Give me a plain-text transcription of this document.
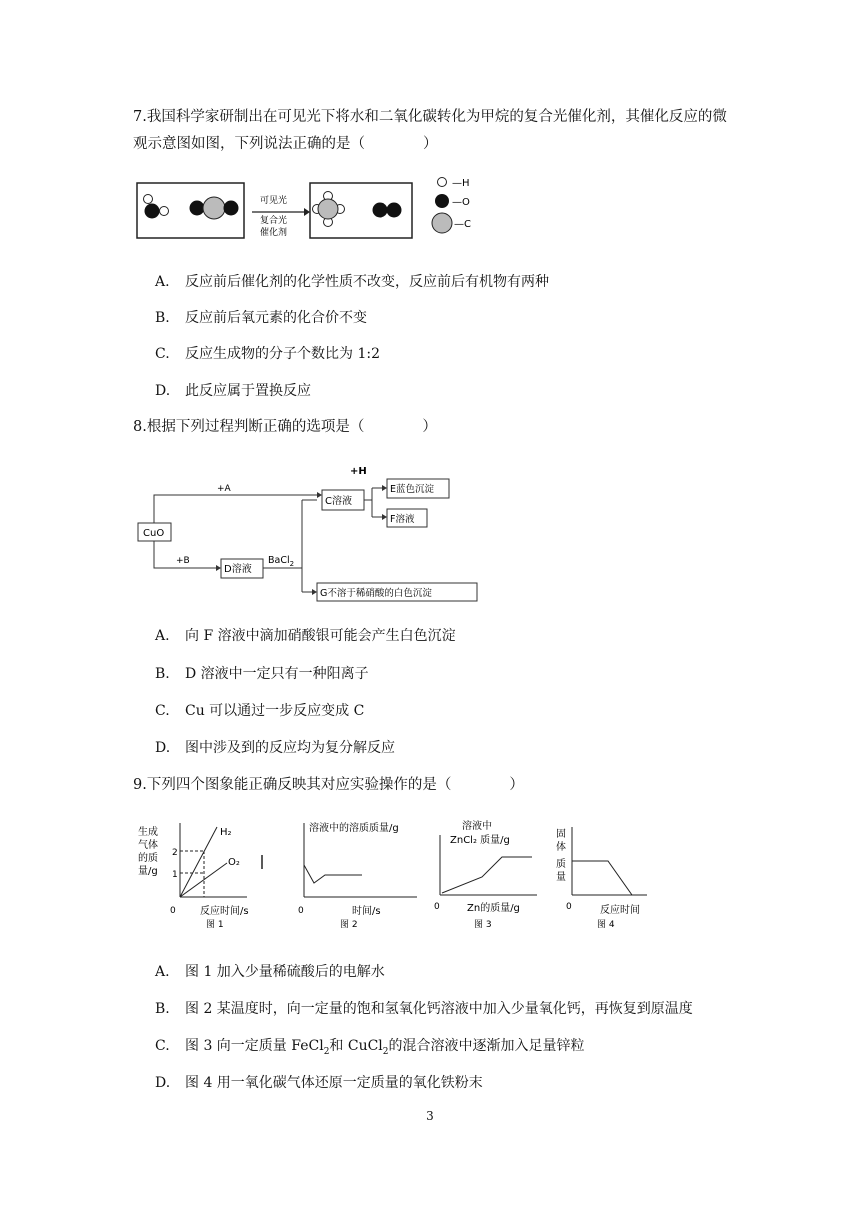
7.我国科学家研制出在可见光下将水和二氧化碳转化为甲烷的复合光催化剂，其催化反应的微观示意图如图，下列说法正确的是（　　　　）
可见光
复合光
催化剂
—H
—O
—C
A. 反应前后催化剂的化学性质不改变，反应前后有机物有两种
B. 反应前后氧元素的化合价不变
C. 反应生成物的分子个数比为 1:2
D. 此反应属于置换反应
8.根据下列过程判断正确的选项是（　　　　）
CuO
+A
C溶液
+H
E蓝色沉淀
F溶液
+B
D溶液
BaCl$_2$
G不溶于稀硝酸的白色沉淀
A. 向 F 溶液中滴加硝酸银可能会产生白色沉淀
B. D 溶液中一定只有一种阳离子
C. Cu 可以通过一步反应变成 C
D. 图中涉及到的反应均为复分解反应
9.下列四个图象能正确反映其对应实验操作的是（　　　　）
生成
气体
的质
量/g
2
1
H₂
O₂
0 反应时间/s
图 1
溶液中的溶质质量/g
0	时间/s
图 2
溶液中
ZnCl₂ 质量/g
0	Zn的质量/g
图 3
固
体
质
量
0	反应时间
图 4
A. 图 1 加入少量稀硫酸后的电解水
B. 图 2 某温度时，向一定量的饱和氢氧化钙溶液中加入少量氧化钙，再恢复到原温度
C. 图 3 向一定质量 FeCl$_2$和 CuCl$_2$的混合溶液中逐渐加入足量锌粒
D. 图 4 用一氧化碳气体还原一定质量的氧化铁粉末
3
